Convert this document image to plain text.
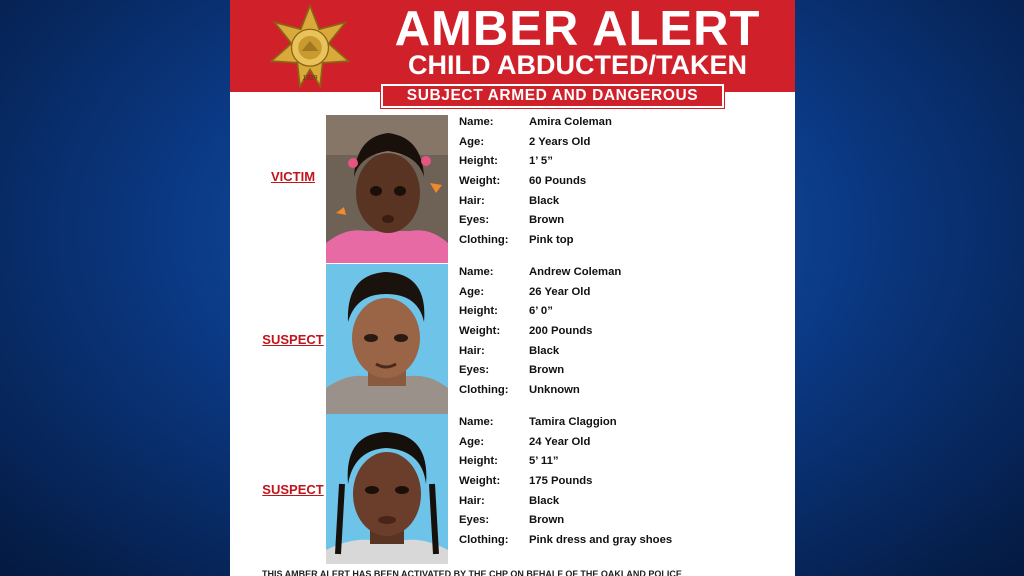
1929
AMBER ALERT
CHILD ABDUCTED/TAKEN
SUBJECT ARMED AND DANGEROUS
VICTIM
Name:	Amira Coleman
Age:	2 Years Old
Height:	1’ 5”
Weight:	60 Pounds
Hair:	Black
Eyes:	Brown
Clothing: Pink top
SUSPECT
Name:	Andrew Coleman
Age:	26 Year Old
Height:	6’ 0”
Weight:	200 Pounds
Hair:	Black
Eyes:	Brown
Clothing: Unknown
SUSPECT
Name:	Tamira Claggion
Age:	24 Year Old
Height:	5’ 11”
Weight:	175 Pounds
Hair:	Black
Eyes:	Brown
Clothing: Pink dress and gray shoes
THIS AMBER ALERT HAS BEEN ACTIVATED BY THE CHP ON BEHALF OF THE OAKLAND POLICE
